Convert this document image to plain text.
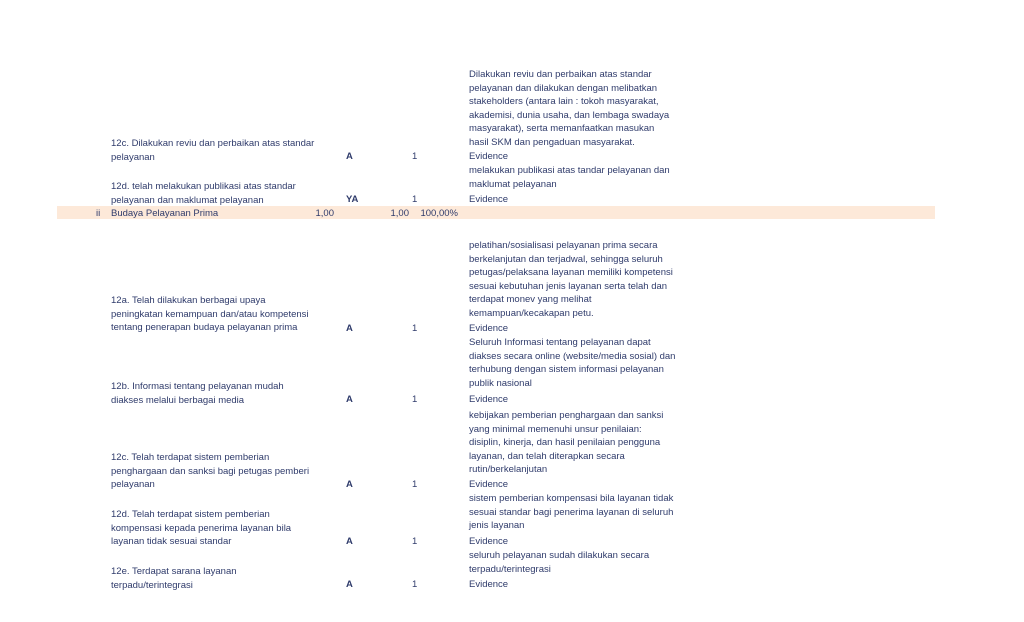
12c. Dilakukan reviu dan perbaikan atas standar
pelayanan	A	1
Dilakukan reviu dan perbaikan atas standar
pelayanan dan dilakukan dengan melibatkan
stakeholders (antara lain : tokoh masyarakat,
akademisi, dunia usaha, dan lembaga swadaya
masyarakat), serta memanfaatkan masukan
hasil SKM dan pengaduan masyarakat.
Evidence
12d. telah melakukan publikasi atas standar
pelayanan dan maklumat pelayanan	YA	1
melakukan publikasi atas tandar pelayanan dan
maklumat pelayanan
Evidence
ii Budaya Pelayanan Prima	1,00	1,00	100,00%
12a. Telah dilakukan berbagai upaya
peningkatan kemampuan dan/atau kompetensi
tentang penerapan budaya pelayanan prima	A	1
pelatihan/sosialisasi pelayanan prima secara
berkelanjutan dan terjadwal, sehingga seluruh
petugas/pelaksana layanan memiliki kompetensi
sesuai kebutuhan jenis layanan serta telah dan
terdapat monev yang melihat
kemampuan/kecakapan petu.
Evidence
12b. Informasi tentang pelayanan mudah
diakses melalui berbagai media	A	1
Seluruh Informasi tentang pelayanan dapat
diakses secara online (website/media sosial) dan
terhubung dengan sistem informasi pelayanan
publik nasional
Evidence
12c. Telah terdapat sistem pemberian
penghargaan dan sanksi bagi petugas pemberi
pelayanan	A	1
kebijakan pemberian penghargaan dan sanksi
yang minimal memenuhi unsur penilaian:
disiplin, kinerja, dan hasil penilaian pengguna
layanan, dan telah diterapkan secara
rutin/berkelanjutan
Evidence
12d. Telah terdapat sistem pemberian
kompensasi kepada penerima layanan bila
layanan tidak sesuai standar	A	1
sistem pemberian kompensasi bila layanan tidak
sesuai standar bagi penerima layanan di seluruh
jenis layanan
Evidence
12e. Terdapat sarana layanan
terpadu/terintegrasi	A	1
seluruh pelayanan sudah dilakukan secara
terpadu/terintegrasi
Evidence
